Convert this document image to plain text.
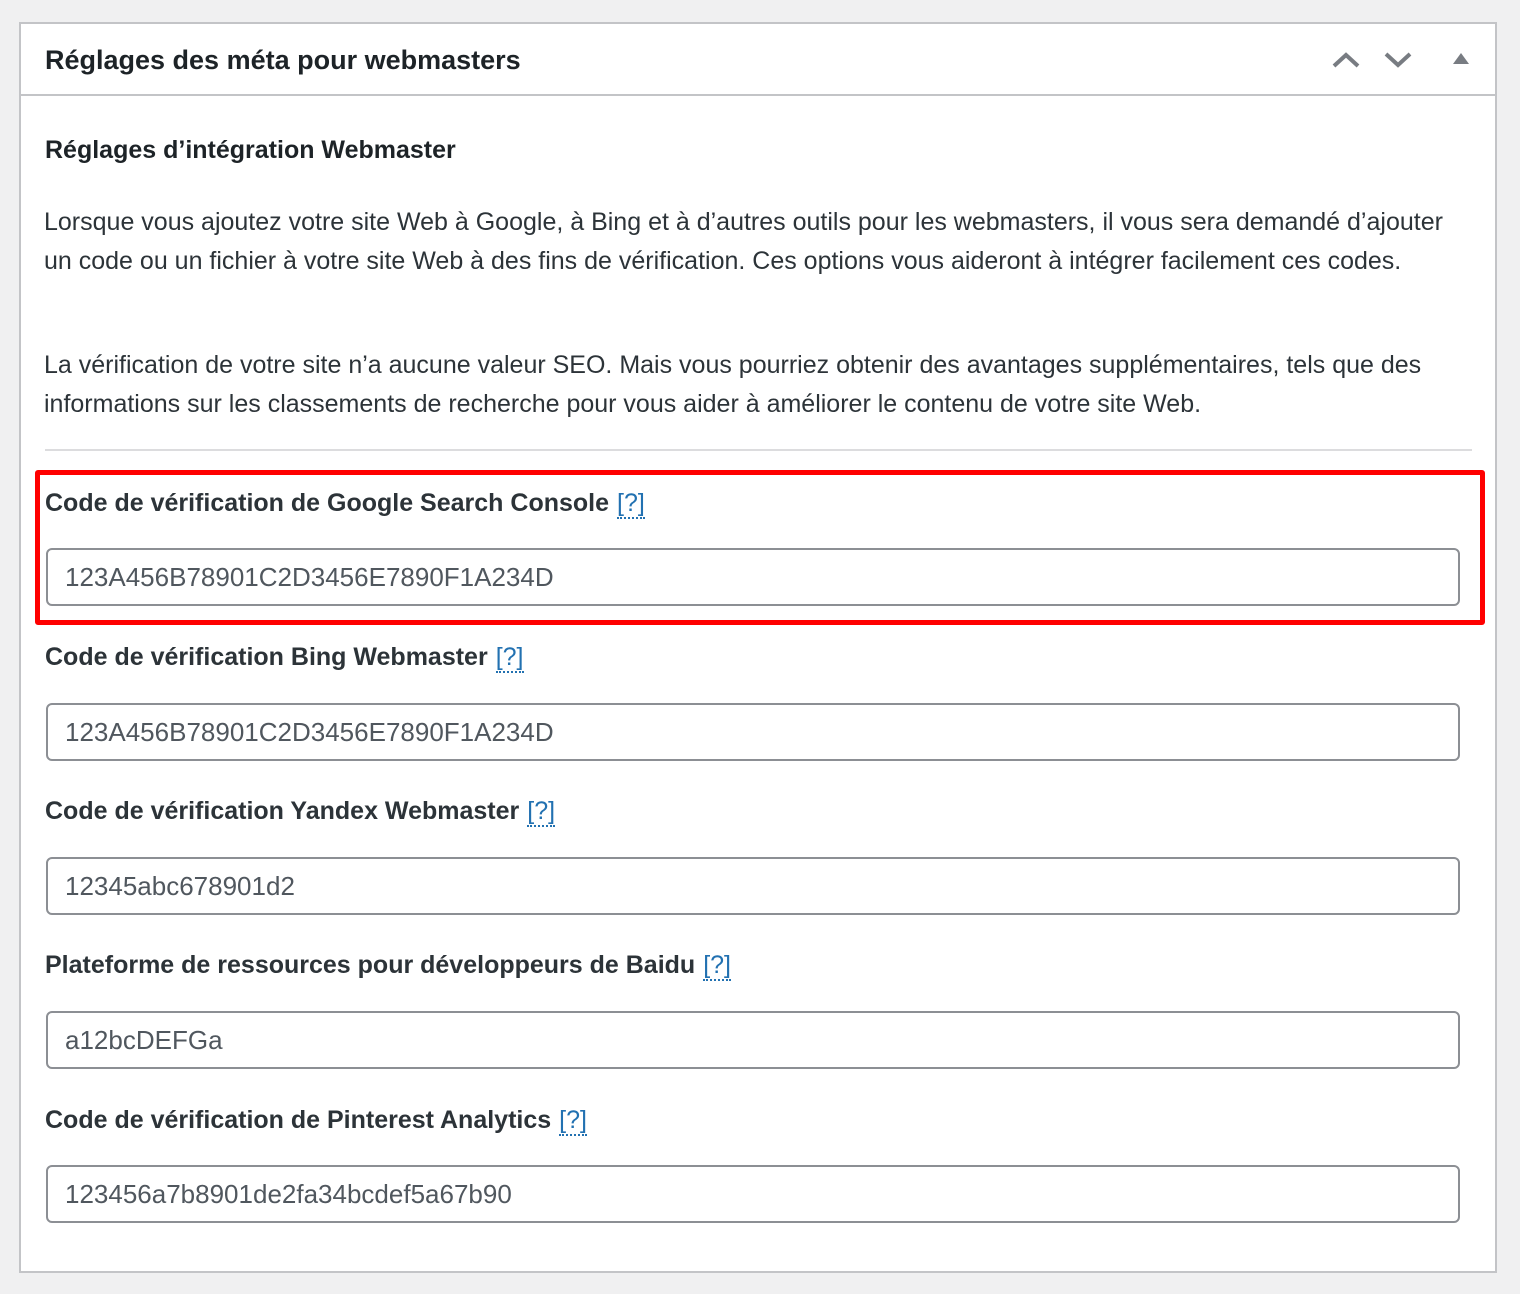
Réglages des méta pour webmasters
Réglages d’intégration Webmaster

Lorsque vous ajoutez votre site Web à Google, à Bing et à d’autres outils pour les webmasters, il vous sera demandé d’ajouter un code ou un fichier à votre site Web à des fins de vérification. Ces options vous aideront à intégrer facilement ces codes.

La vérification de votre site n’a aucune valeur SEO. Mais vous pourriez obtenir des avantages supplémentaires, tels que des informations sur les classements de recherche pour vous aider à améliorer le contenu de votre site Web.

Code de vérification de Google Search Console [?]
123A456B78901C2D3456E7890F1A234D
Code de vérification Bing Webmaster [?]
123A456B78901C2D3456E7890F1A234D
Code de vérification Yandex Webmaster [?]
12345abc678901d2
Plateforme de ressources pour développeurs de Baidu [?]
a12bcDEFGa
Code de vérification de Pinterest Analytics [?]
123456a7b8901de2fa34bcdef5a67b90
